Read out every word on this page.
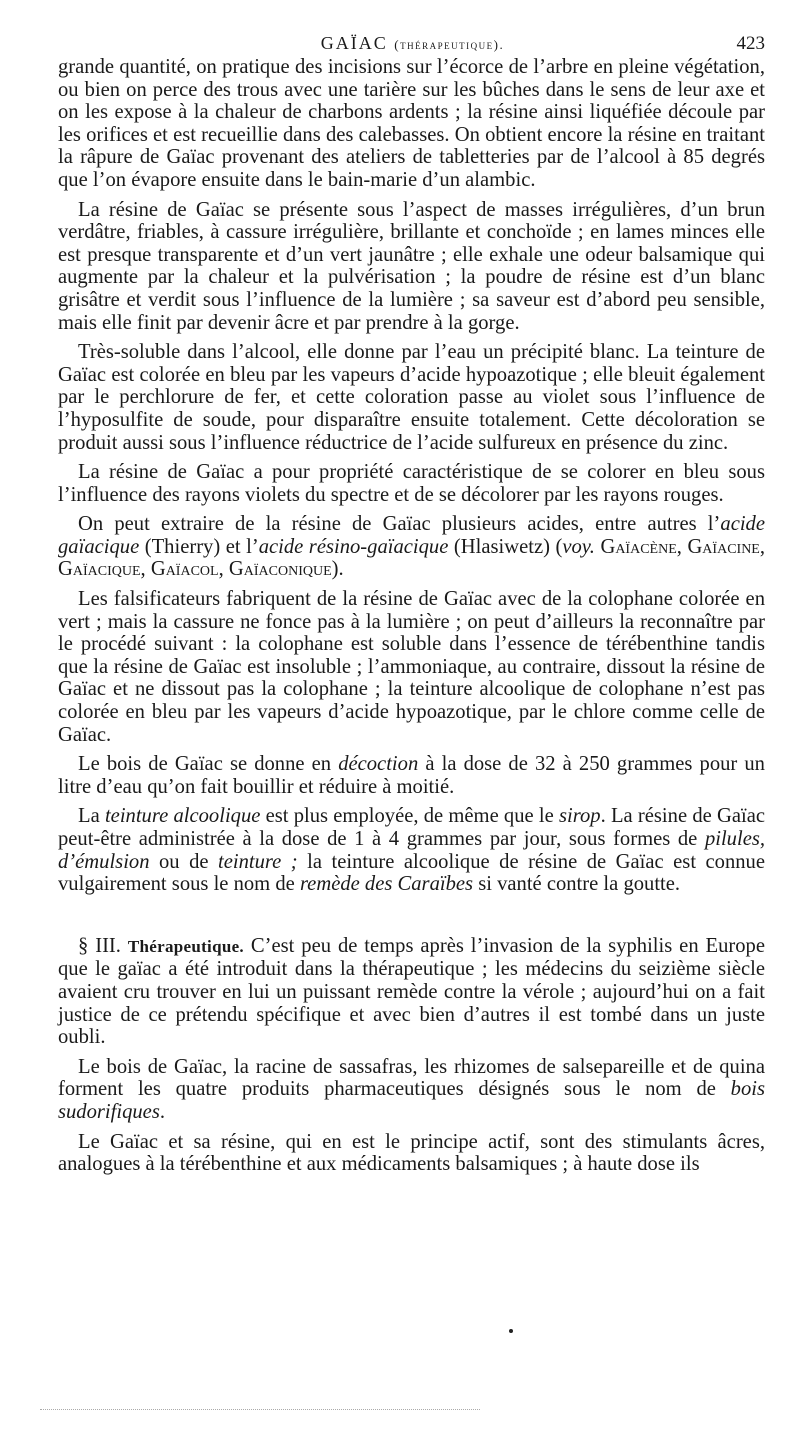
GAÏAC (thérapeutique).	423

grande quantité, on pratique des incisions sur l’écorce de l’arbre en pleine végétation, ou bien on perce des trous avec une tarière sur les bûches dans le sens de leur axe et on les expose à la chaleur de charbons ardents ; la résine ainsi liquéfiée découle par les orifices et est recueillie dans des calebasses. On obtient encore la résine en traitant la râpure de Gaïac provenant des ateliers de tabletteries par de l’alcool à 85 degrés que l’on évapore ensuite dans le bain-marie d’un alambic.

La résine de Gaïac se présente sous l’aspect de masses irrégulières, d’un brun verdâtre, friables, à cassure irrégulière, brillante et conchoïde ; en lames minces elle est presque transparente et d’un vert jaunâtre ; elle exhale une odeur balsamique qui augmente par la chaleur et la pulvérisation ; la poudre de résine est d’un blanc grisâtre et verdit sous l’influence de la lumière ; sa saveur est d’abord peu sensible, mais elle finit par devenir âcre et par prendre à la gorge.

Très-soluble dans l’alcool, elle donne par l’eau un précipité blanc. La teinture de Gaïac est colorée en bleu par les vapeurs d’acide hypoazotique ; elle bleuit également par le perchlorure de fer, et cette coloration passe au violet sous l’influence de l’hyposulfite de soude, pour disparaître ensuite totalement. Cette décoloration se produit aussi sous l’influence réductrice de l’acide sulfureux en présence du zinc.

La résine de Gaïac a pour propriété caractéristique de se colorer en bleu sous l’influence des rayons violets du spectre et de se décolorer par les rayons rouges.

On peut extraire de la résine de Gaïac plusieurs acides, entre autres l’acide gaïacique (Thierry) et l’acide résino-gaïacique (Hlasiwetz) (voy. Gaïacène, Gaïacine, Gaïacique, Gaïacol, Gaïaconique).

Les falsificateurs fabriquent de la résine de Gaïac avec de la colophane colorée en vert ; mais la cassure ne fonce pas à la lumière ; on peut d’ailleurs la reconnaître par le procédé suivant : la colophane est soluble dans l’essence de térébenthine tandis que la résine de Gaïac est insoluble ; l’ammoniaque, au contraire, dissout la résine de Gaïac et ne dissout pas la colophane ; la teinture alcoolique de colophane n’est pas colorée en bleu par les vapeurs d’acide hypoazotique, par le chlore comme celle de Gaïac.

Le bois de Gaïac se donne en décoction à la dose de 32 à 250 grammes pour un litre d’eau qu’on fait bouillir et réduire à moitié.

La teinture alcoolique est plus employée, de même que le sirop. La résine de Gaïac peut-être administrée à la dose de 1 à 4 grammes par jour, sous formes de pilules, d’émulsion ou de teinture ; la teinture alcoolique de résine de Gaïac est connue vulgairement sous le nom de remède des Caraïbes si vanté contre la goutte.

§ III. Thérapeutique. C’est peu de temps après l’invasion de la syphilis en Europe que le gaïac a été introduit dans la thérapeutique ; les médecins du seizième siècle avaient cru trouver en lui un puissant remède contre la vérole ; aujourd’hui on a fait justice de ce prétendu spécifique et avec bien d’autres il est tombé dans un juste oubli.

Le bois de Gaïac, la racine de sassafras, les rhizomes de salsepareille et de quina forment les quatre produits pharmaceutiques désignés sous le nom de bois sudorifiques.

Le Gaïac et sa résine, qui en est le principe actif, sont des stimulants âcres, analogues à la térébenthine et aux médicaments balsamiques ; à haute dose ils
